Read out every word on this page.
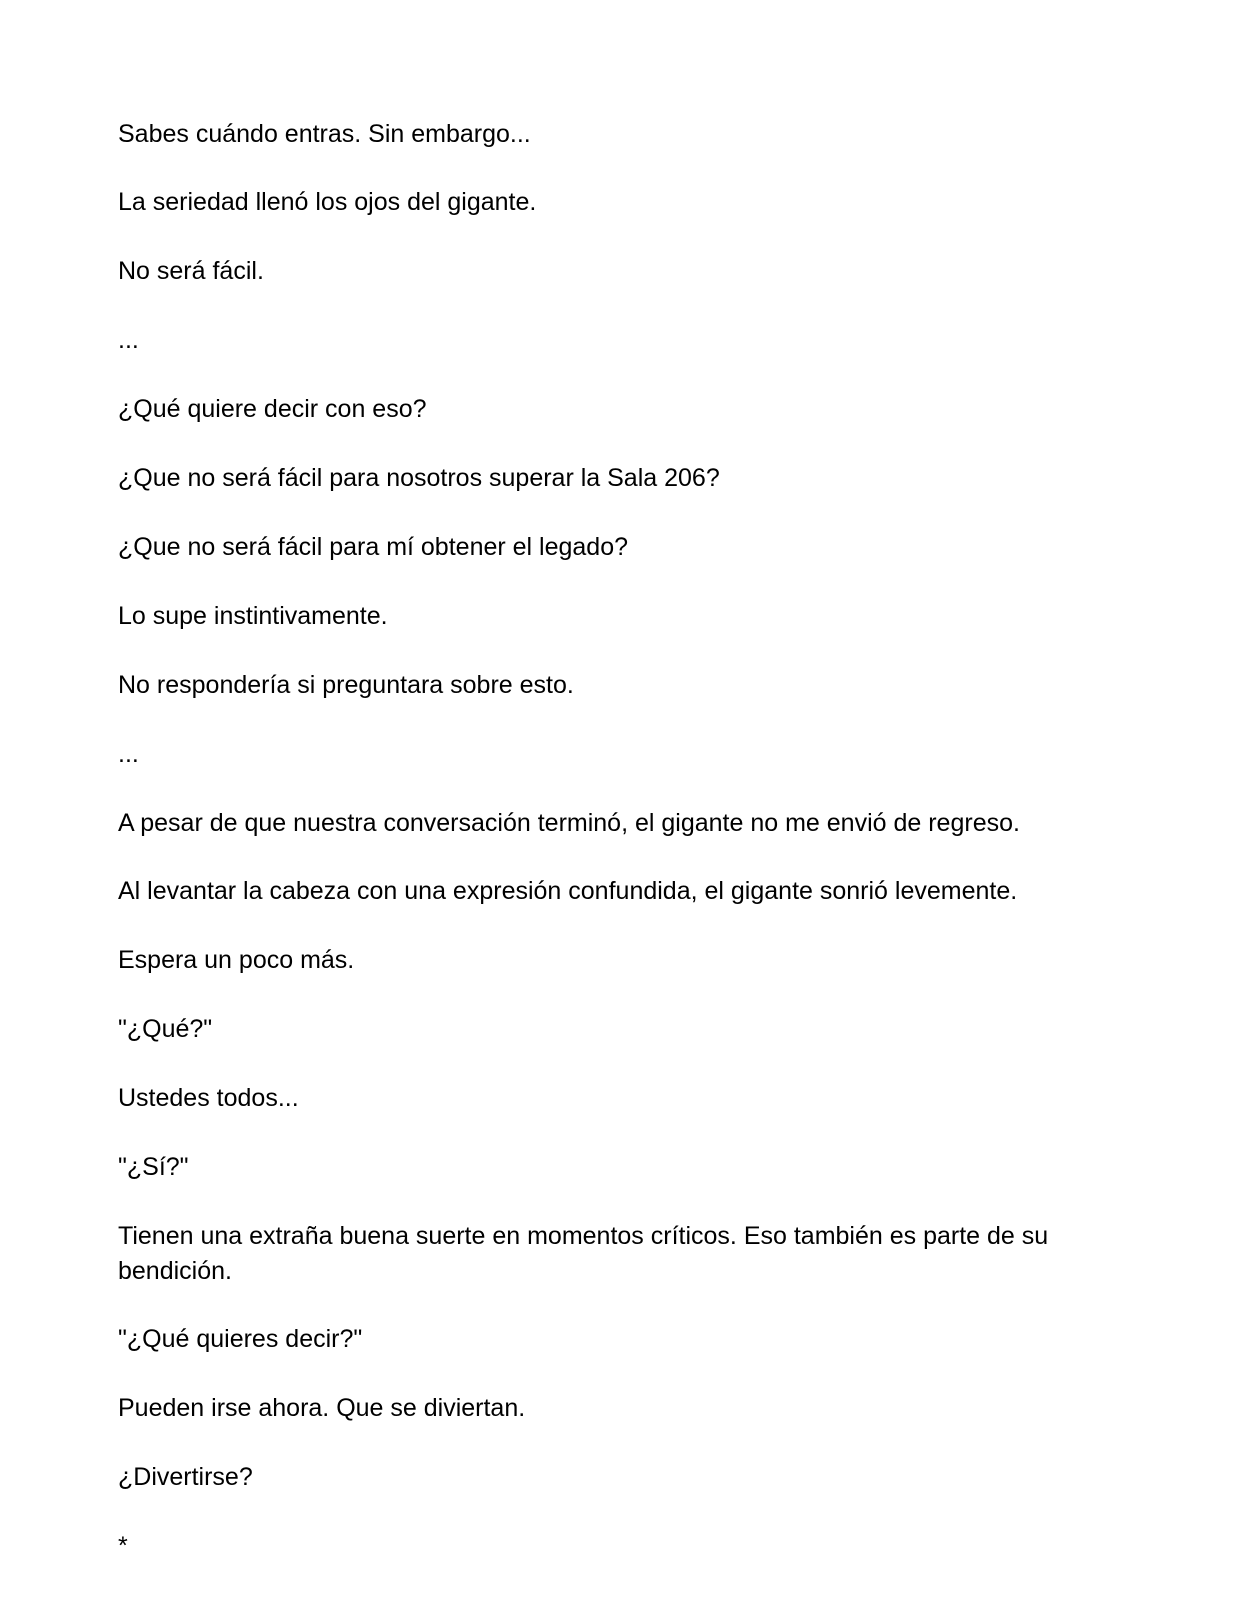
Sabes cuándo entras. Sin embargo...

La seriedad llenó los ojos del gigante.

No será fácil.

...

¿Qué quiere decir con eso?

¿Que no será fácil para nosotros superar la Sala 206?

¿Que no será fácil para mí obtener el legado?

Lo supe instintivamente.

No respondería si preguntara sobre esto.

...

A pesar de que nuestra conversación terminó, el gigante no me envió de regreso.

Al levantar la cabeza con una expresión confundida, el gigante sonrió levemente.

Espera un poco más.

"¿Qué?"

Ustedes todos...

"¿Sí?"

Tienen una extraña buena suerte en momentos críticos. Eso también es parte de su bendición.

"¿Qué quieres decir?"

Pueden irse ahora. Que se diviertan.

¿Divertirse?

*
